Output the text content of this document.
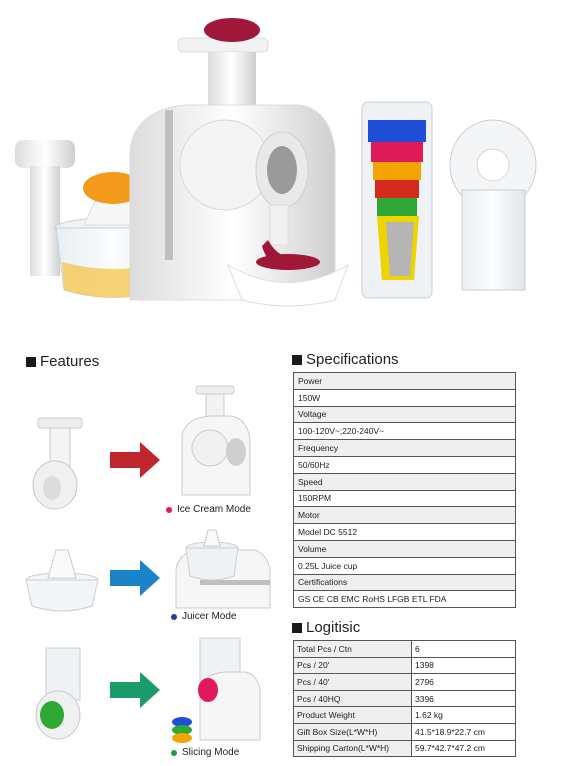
Features
Ice Cream Mode
Juicer Mode
Slicing Mode
Specifications
Power
150W
Voltage
100-120V~;220-240V~
Frequency
50/60Hz
Speed
150RPM
Motor
Model DC 5512
Volume
0.25L Juice cup
Certifications
GS CE CB EMC RoHS LFGB ETL FDA
Logitisic
Total Pcs / Ctn	6
Pcs / 20'	1398
Pcs / 40'	2796
Pcs / 40HQ	3396
Product Weight	1.62 kg
Gift Box Size(L*W*H)	41.5*18.9*22.7 cm
Shipping Carton(L*W*H)	59.7*42.7*47.2 cm
